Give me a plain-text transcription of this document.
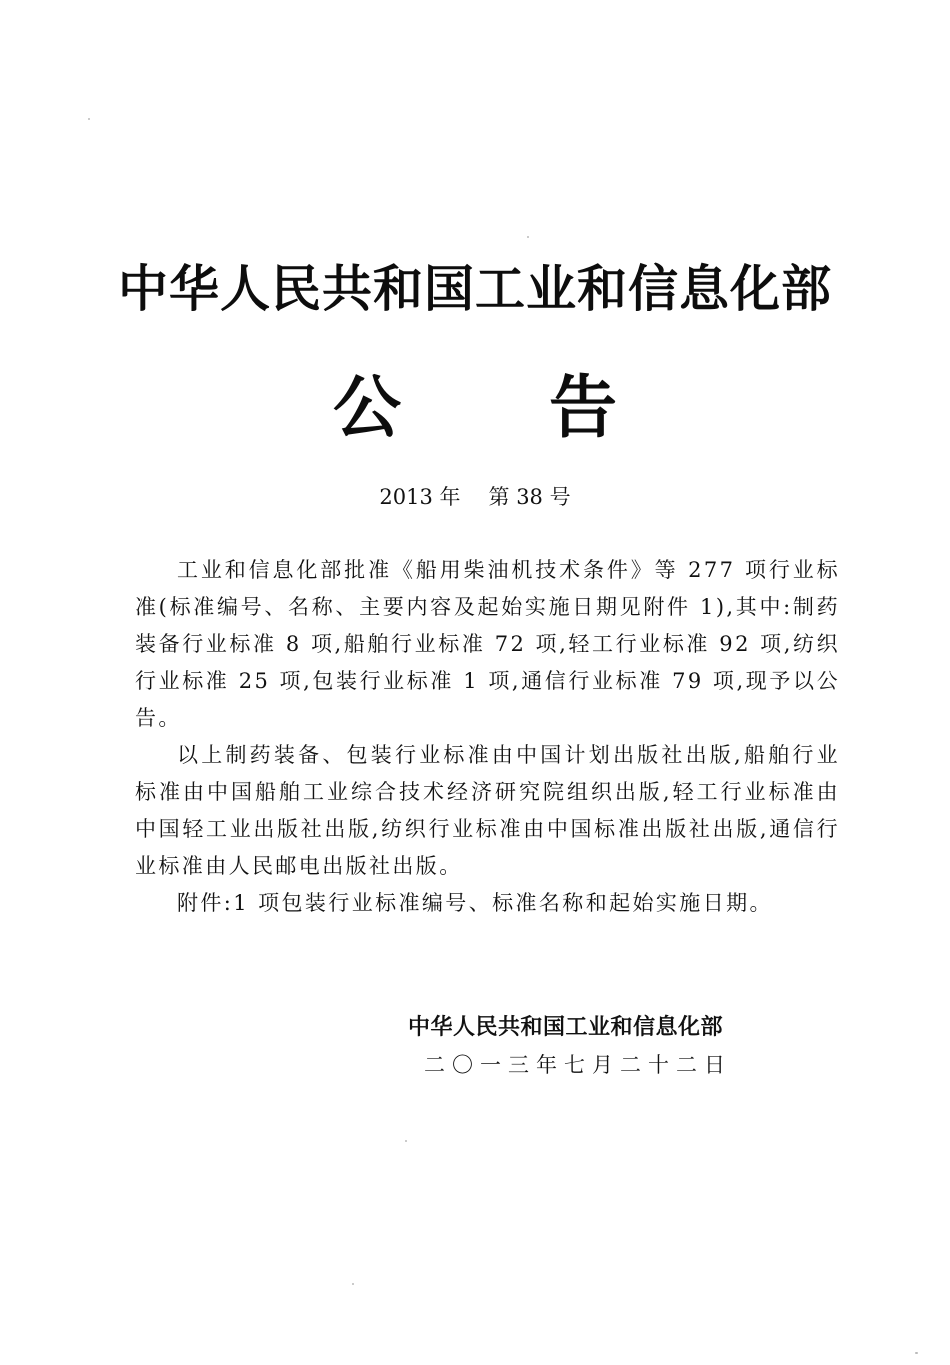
中华人民共和国工业和信息化部
公告
2013 年 第 38 号

工业和信息化部批准《船用柴油机技术条件》等 277 项行业标准(标准编号、名称、主要内容及起始实施日期见附件 1),其中:制药装备行业标准 8 项,船舶行业标准 72 项,轻工行业标准 92 项,纺织行业标准 25 项,包装行业标准 1 项,通信行业标准 79 项,现予以公告。

以上制药装备、包装行业标准由中国计划出版社出版,船舶行业标准由中国船舶工业综合技术经济研究院组织出版,轻工行业标准由中国轻工业出版社出版,纺织行业标准由中国标准出版社出版,通信行业标准由人民邮电出版社出版。

附件:1 项包装行业标准编号、标准名称和起始实施日期。

中华人民共和国工业和信息化部
二〇一三年七月二十二日
